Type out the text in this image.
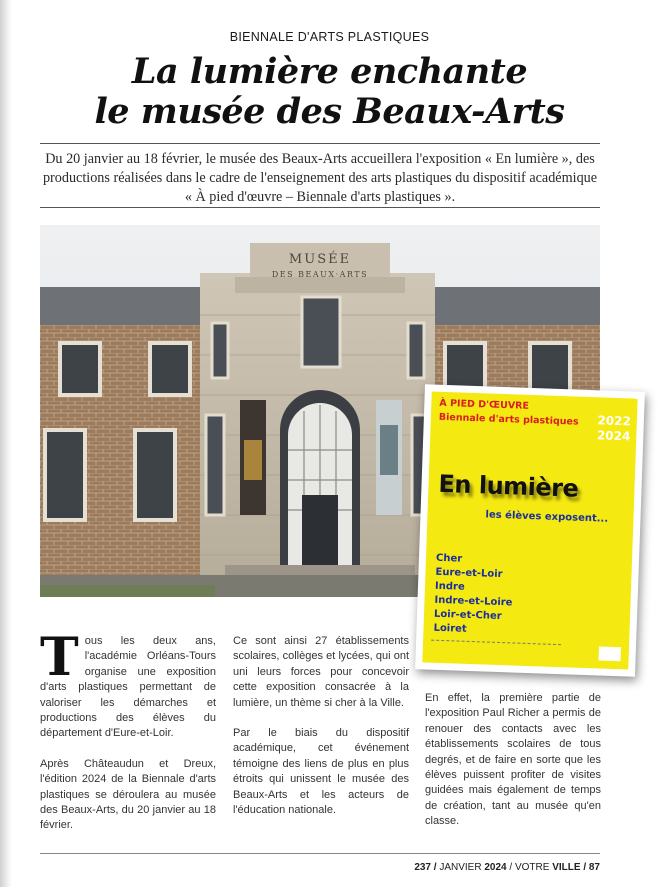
BIENNALE D'ARTS PLASTIQUES
La lumière enchante
le musée des Beaux-Arts
Du 20 janvier au 18 février, le musée des Beaux-Arts accueillera l'exposition « En lumière », des productions réalisées dans le cadre de l'enseignement des arts plastiques du dispositif académique « À pied d'œuvre – Biennale d'arts plastiques ».
MUSÉE
DES BEAUX·ARTS
À PIED D'ŒUVRE
Biennale d'arts plastiques 2022
2024
En lumière
les élèves exposent...
Cher
Eure-et-Loir
Indre
Indre-et-Loire
Loir-et-Cher
Loiret

Tous les deux ans, l'académie Orléans-Tours organise une exposition d'arts plastiques permettant de valoriser les démarches et productions des élèves du département d'Eure-et-Loir.

Après Châteaudun et Dreux, l'édition 2024 de la Biennale d'arts plastiques se déroulera au musée des Beaux-Arts, du 20 janvier au 18 février.

Ce sont ainsi 27 établissements scolaires, collèges et lycées, qui ont uni leurs forces pour concevoir cette exposition consacrée à la lumière, un thème si cher à la Ville.

Par le biais du dispositif académique, cet événement témoigne des liens de plus en plus étroits qui unissent le musée des Beaux-Arts et les acteurs de l'éducation nationale.

En effet, la première partie de l'exposition Paul Richer a permis de renouer des contacts avec les établissements scolaires de tous degrés, et de faire en sorte que les élèves puissent profiter de visites guidées mais également de temps de création, tant au musée qu'en classe.

237 / JANVIER 2024 / VOTRE VILLE / 87
